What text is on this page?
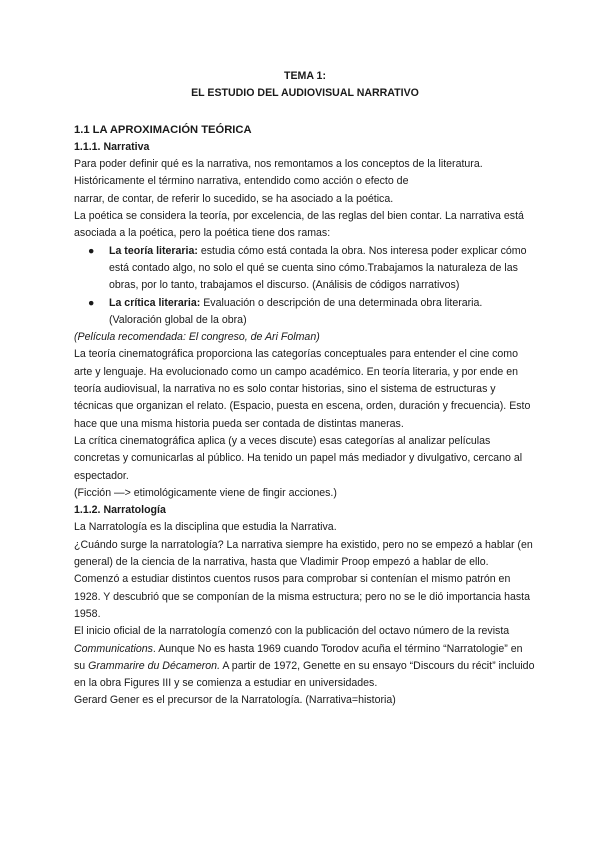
TEMA 1:
EL ESTUDIO DEL AUDIOVISUAL NARRATIVO
1.1 LA APROXIMACIÓN TEÓRICA
1.1.1. Narrativa

Para poder definir qué es la narrativa, nos remontamos a los conceptos de la literatura.

Históricamente el término narrativa, entendido como acción o efecto de

narrar, de contar, de referir lo sucedido, se ha asociado a la poética.

La poética se considera la teoría, por excelencia, de las reglas del bien contar. La narrativa está asociada a la poética, pero la poética tiene dos ramas:

● La teoría literaria: estudia cómo está contada la obra. Nos interesa poder explicar cómo está contado algo, no solo el qué se cuenta sino cómo.Trabajamos la naturaleza de las obras, por lo tanto, trabajamos el discurso. (Análisis de códigos narrativos)
● La crítica literaria: Evaluación o descripción de una determinada obra literaria. (Valoración global de la obra)

(Película recomendada: El congreso, de Ari Folman)

La teoría cinematográfica proporciona las categorías conceptuales para entender el cine como arte y lenguaje. Ha evolucionado como un campo académico. En teoría literaria, y por ende en teoría audiovisual, la narrativa no es solo contar historias, sino el sistema de estructuras y técnicas que organizan el relato. (Espacio, puesta en escena, orden, duración y frecuencia). Esto hace que una misma historia pueda ser contada de distintas maneras.

La crítica cinematográfica aplica (y a veces discute) esas categorías al analizar películas concretas y comunicarlas al público. Ha tenido un papel más mediador y divulgativo, cercano al espectador.

(Ficción —> etimológicamente viene de fingir acciones.)

1.1.2. Narratología

La Narratología es la disciplina que estudia la Narrativa.

¿Cuándo surge la narratología? La narrativa siempre ha existido, pero no se empezó a hablar (en general) de la ciencia de la narrativa, hasta que Vladimir Proop empezó a hablar de ello. Comenzó a estudiar distintos cuentos rusos para comprobar si contenían el mismo patrón en 1928. Y descubrió que se componían de la misma estructura; pero no se le dió importancia hasta 1958.

El inicio oficial de la narratología comenzó con la publicación del octavo número de la revista Communications. Aunque No es hasta 1969 cuando Torodov acuña el término “Narratologie” en su Grammarire du Décameron. A partir de 1972, Genette en su ensayo “Discours du récit” incluido en la obra Figures III y se comienza a estudiar en universidades.

Gerard Gener es el precursor de la Narratología. (Narrativa=historia)
